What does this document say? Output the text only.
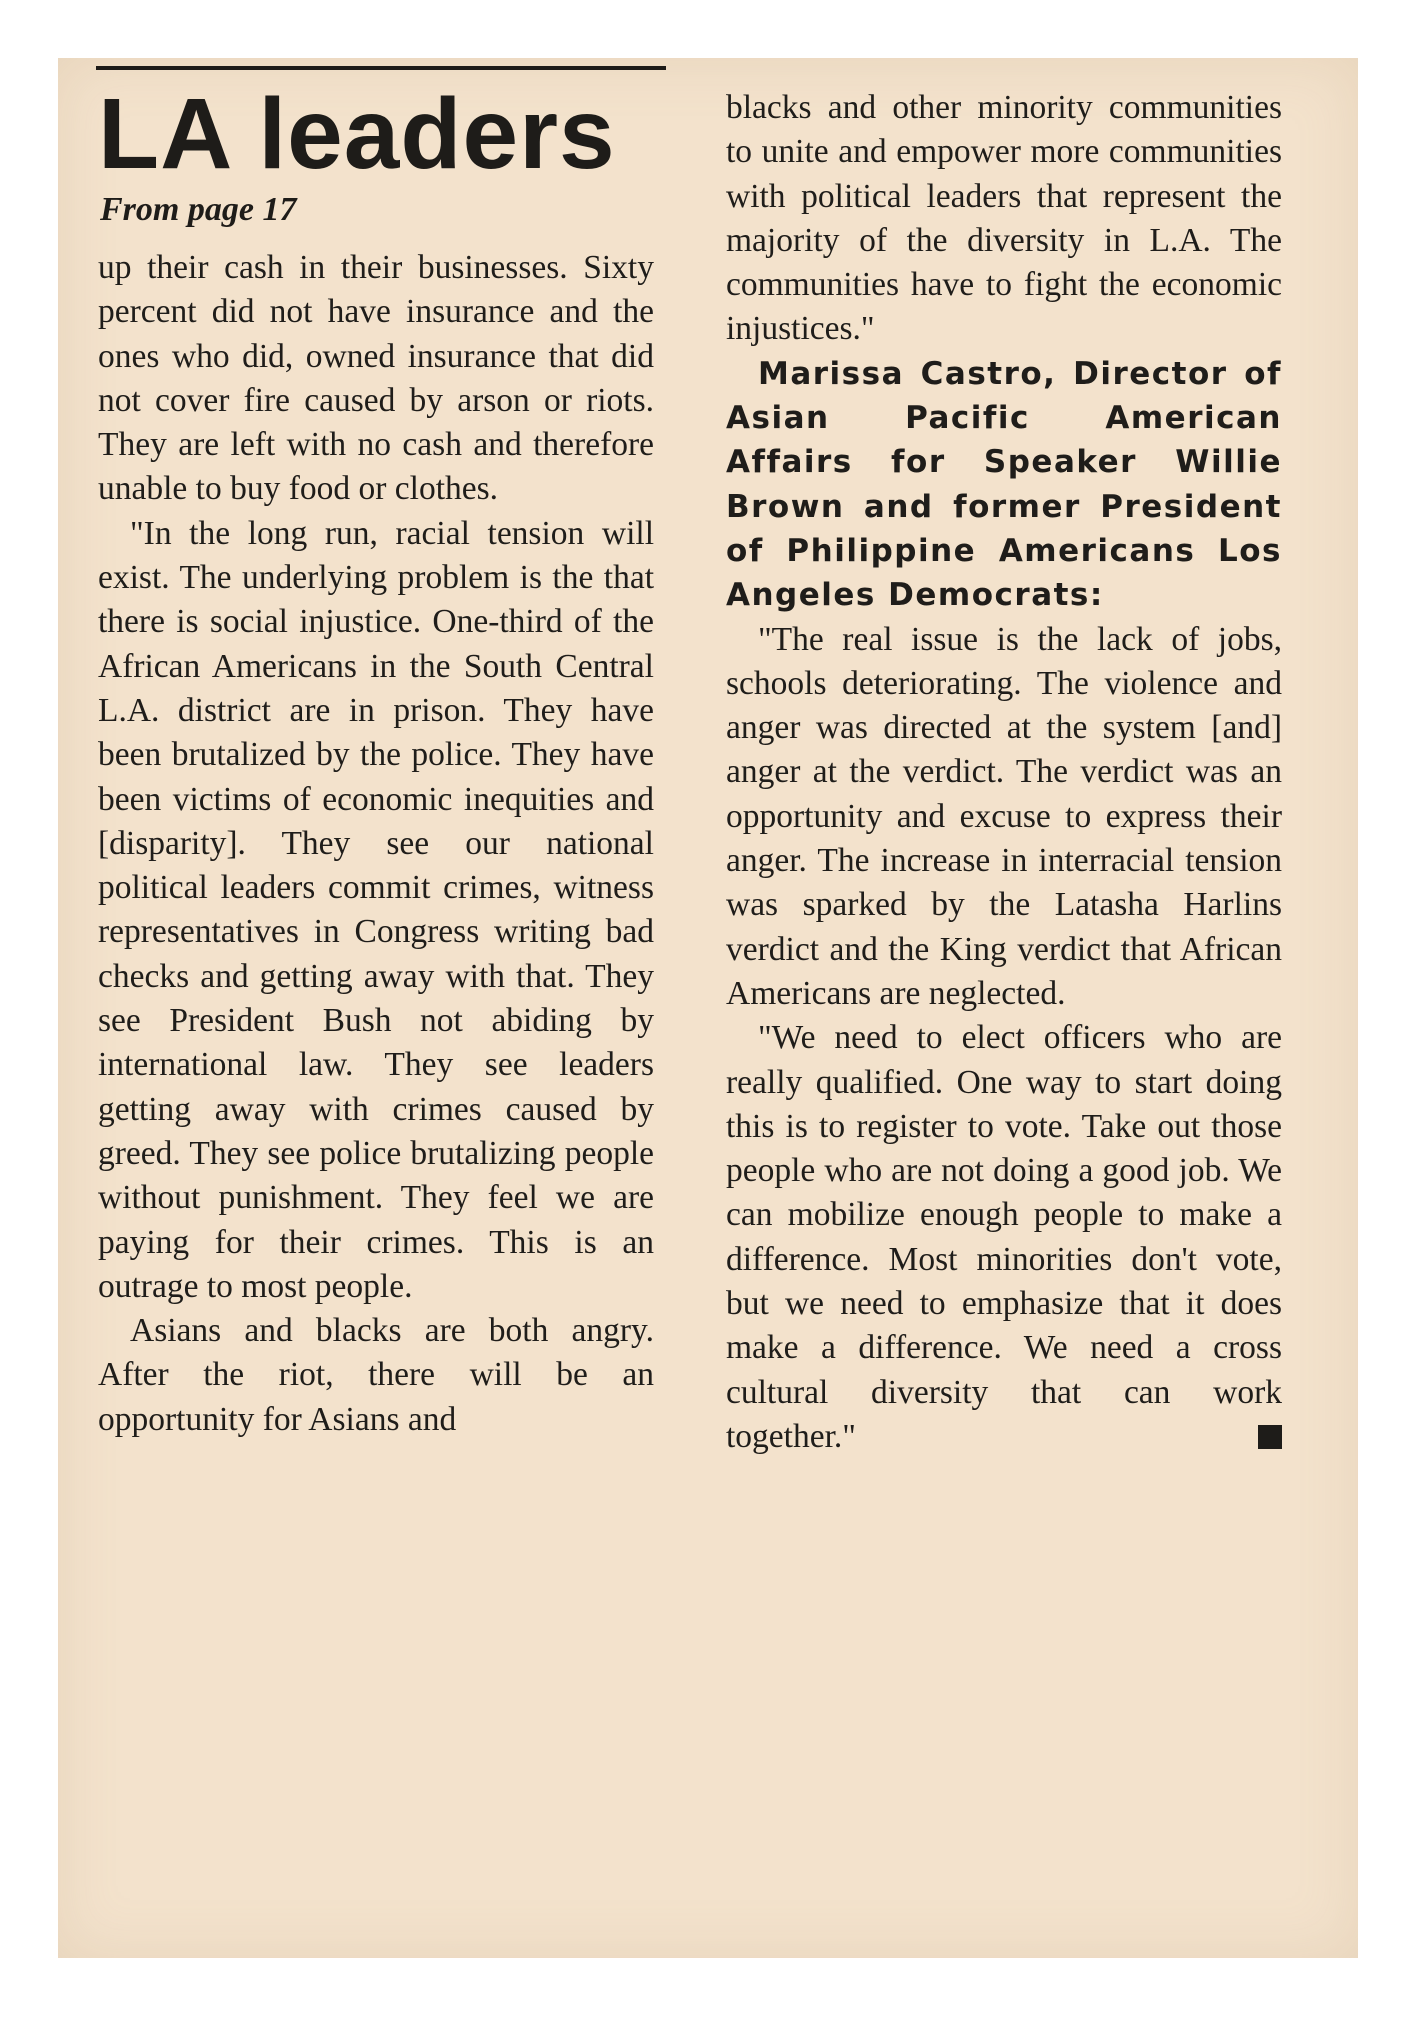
LA leaders
From page 17

up their cash in their businesses. Sixty percent did not have insurance and the ones who did, owned insurance that did not cover fire caused by arson or riots. They are left with no cash and therefore unable to buy food or clothes.

"In the long run, racial tension will exist. The underlying problem is the that there is social injustice. One-third of the African Americans in the South Central L.A. district are in prison. They have been brutalized by the police. They have been victims of economic inequities and [disparity]. They see our national political leaders commit crimes, witness representatives in Congress writing bad checks and getting away with that. They see President Bush not abiding by international law. They see leaders getting away with crimes caused by greed. They see police brutalizing people without punishment. They feel we are paying for their crimes. This is an outrage to most people.

Asians and blacks are both angry. After the riot, there will be an opportunity for Asians and

blacks and other minority communities to unite and empower more communities with political leaders that represent the majority of the diversity in L.A. The communities have to fight the economic injustices."

Marissa Castro, Director of Asian Pacific American Affairs for Speaker Willie Brown and former President of Philippine Americans Los Angeles Democrats:

"The real issue is the lack of jobs, schools deteriorating. The violence and anger was directed at the system [and] anger at the verdict. The verdict was an opportunity and excuse to express their anger. The increase in interracial tension was sparked by the Latasha Harlins verdict and the King verdict that African Americans are neglected.

"We need to elect officers who are really qualified. One way to start doing this is to register to vote. Take out those people who are not doing a good job. We can mobilize enough people to make a difference. Most minorities don't vote, but we need to emphasize that it does make a difference. We need a cross cultural diversity that can work together."
